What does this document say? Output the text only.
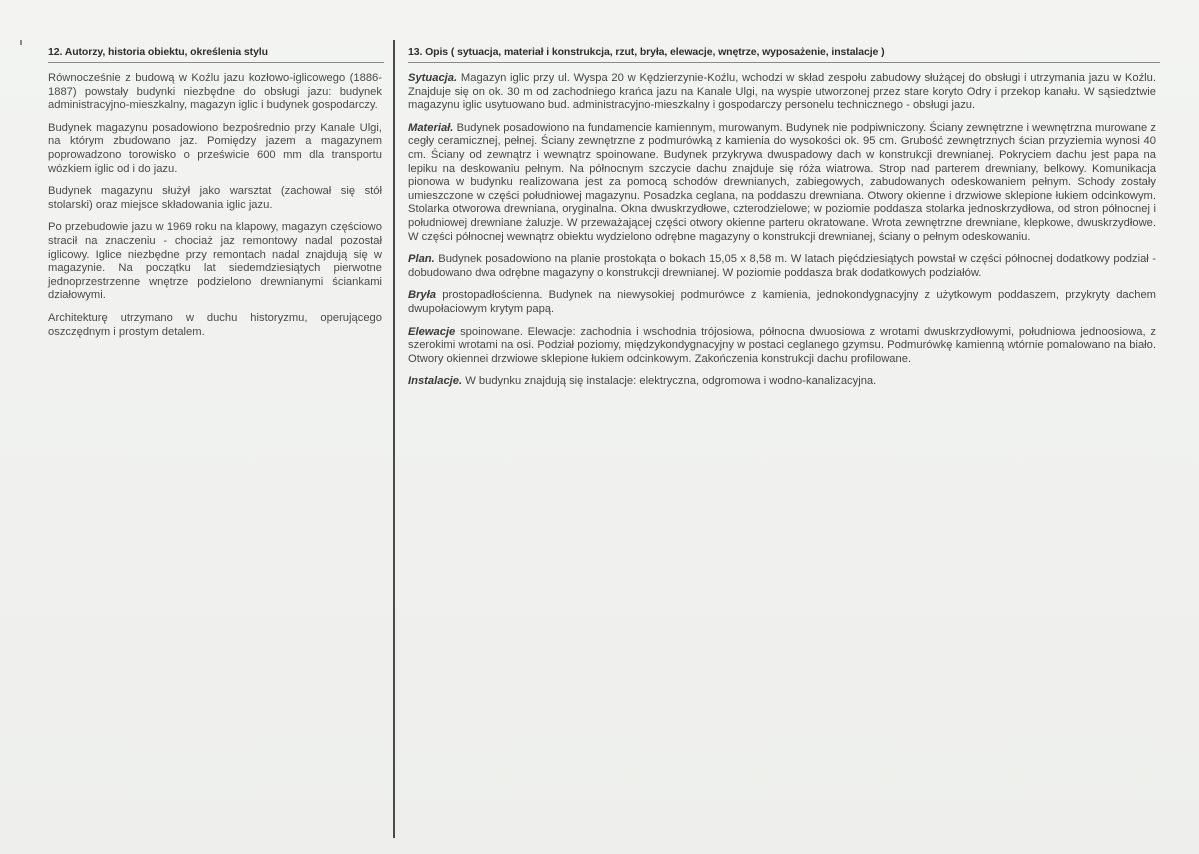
12. Autorzy, historia obiektu, określenia stylu

Równocześnie z budową w Koźlu jazu kozłowo-iglicowego (1886-1887) powstały budynki niezbędne do obsługi jazu: budynek administracyjno-mieszkalny, magazyn iglic i budynek gospodarczy.

Budynek magazynu posadowiono bezpośrednio przy Kanale Ulgi, na którym zbudowano jaz. Pomiędzy jazem a magazynem poprowadzono torowisko o prześwicie 600 mm dla transportu wózkiem iglic od i do jazu.

Budynek magazynu służył jako warsztat (zachował się stół stolarski) oraz miejsce składowania iglic jazu.

Po przebudowie jazu w 1969 roku na klapowy, magazyn częściowo stracił na znaczeniu - chociaż jaz remontowy nadal pozostał iglicowy. Iglice niezbędne przy remontach nadal znajdują się w magazynie. Na początku lat siedemdziesiątych pierwotne jednoprzestrzenne wnętrze podzielono drewnianymi ściankami działowymi.

Architekturę utrzymano w duchu historyzmu, operującego oszczędnym i prostym detalem.

13. Opis ( sytuacja, materiał i konstrukcja, rzut, bryła, elewacje, wnętrze, wyposażenie, instalacje )

Sytuacja. Magazyn iglic przy ul. Wyspa 20 w Kędzierzynie-Koźlu, wchodzi w skład zespołu zabudowy służącej do obsługi i utrzymania jazu w Koźlu. Znajduje się on ok. 30 m od zachodniego krańca jazu na Kanale Ulgi, na wyspie utworzonej przez stare koryto Odry i przekop kanału. W sąsiedztwie magazynu iglic usytuowano bud. administracyjno-mieszkalny i gospodarczy personelu technicznego - obsługi jazu.

Materiał. Budynek posadowiono na fundamencie kamiennym, murowanym. Budynek nie podpiwniczony. Ściany zewnętrzne i wewnętrzna murowane z cegły ceramicznej, pełnej. Ściany zewnętrzne z podmurówką z kamienia do wysokości ok. 95 cm. Grubość zewnętrznych ścian przyziemia wynosi 40 cm. Ściany od zewnątrz i wewnątrz spoinowane. Budynek przykrywa dwuspadowy dach w konstrukcji drewnianej. Pokryciem dachu jest papa na lepiku na deskowaniu pełnym. Na północnym szczycie dachu znajduje się róża wiatrowa. Strop nad parterem drewniany, belkowy. Komunikacja pionowa w budynku realizowana jest za pomocą schodów drewnianych, zabiegowych, zabudowanych odeskowaniem pełnym. Schody zostały umieszczone w części południowej magazynu. Posadzka ceglana, na poddaszu drewniana. Otwory okienne i drzwiowe sklepione łukiem odcinkowym. Stolarka otworowa drewniana, oryginalna. Okna dwuskrzydłowe, czterodzielowe; w poziomie poddasza stolarka jednoskrzydłowa, od stron północnej i południowej drewniane żaluzje. W przeważającej części otwory okienne parteru okratowane. Wrota zewnętrzne drewniane, klepkowe, dwuskrzydłowe. W części północnej wewnątrz obiektu wydzielono odrębne magazyny o konstrukcji drewnianej, ściany o pełnym odeskowaniu.

Plan. Budynek posadowiono na planie prostokąta o bokach 15,05 x 8,58 m. W latach pięćdziesiątych powstał w części północnej dodatkowy podział - dobudowano dwa odrębne magazyny o konstrukcji drewnianej. W poziomie poddasza brak dodatkowych podziałów.

Bryła prostopadłościenna. Budynek na niewysokiej podmurówce z kamienia, jednokondygnacyjny z użytkowym poddaszem, przykryty dachem dwupołaciowym krytym papą.

Elewacje spoinowane. Elewacje: zachodnia i wschodnia trójosiowa, północna dwuosiowa z wrotami dwuskrzydłowymi, południowa jednoosiowa, z szerokimi wrotami na osi. Podział poziomy, międzykondygnacyjny w postaci ceglanego gzymsu. Podmurówkę kamienną wtórnie pomalowano na biało. Otwory okiennei drzwiowe sklepione łukiem odcinkowym. Zakończenia konstrukcji dachu profilowane.

Instalacje. W budynku znajdują się instalacje: elektryczna, odgromowa i wodno-kanalizacyjna.
